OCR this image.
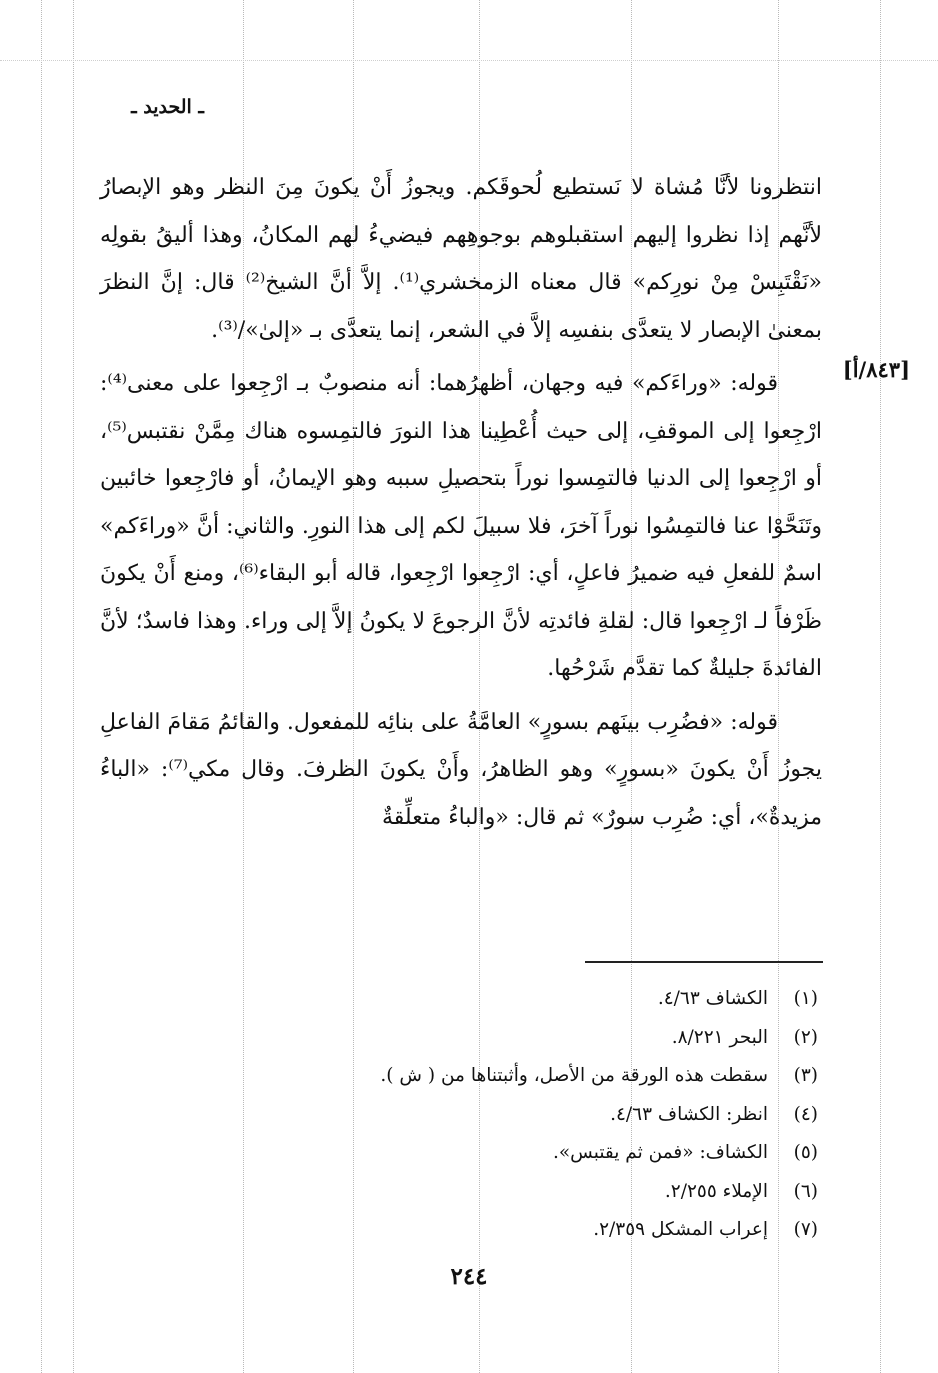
ـ الحديد ـ
[٨٤٣/أ]

انتظرونا لأنَّا مُشاة لا نَستطيع لُحوقَكم. ويجوزُ أَنْ يكونَ مِنَ النظر وهو الإبصارُ لأنَّهم إذا نظروا إليهم استقبلوهم بوجوهِهم فيضيءُ لهم المكانُ، وهذا أليقُ بقولِه «نَقْتَبِسْ مِنْ نورِكم» قال معناه الزمخشري⁽¹⁾. إلاَّ أنَّ الشيخ⁽²⁾ قال: إنَّ النظرَ بمعنىٰ الإبصار لا يتعدَّى بنفسِه إلاَّ في الشعر، إنما يتعدَّى بـ «إلىٰ»/⁽³⁾.

قوله: «وراءَكم» فيه وجهان، أظهرُهما: أنه منصوبٌ بـ ارْجِعوا على معنى⁽⁴⁾: ارْجِعوا إلى الموقفِ، إلى حيث أُعْطِينا هذا النورَ فالتمِسوه هناك مِمَّنْ نقتبس⁽⁵⁾، أو ارْجِعوا إلى الدنيا فالتمِسوا نوراً بتحصيلِ سببه وهو الإيمانُ، أو فارْجِعوا خائبين وتَنَحَّوْا عنا فالتمِسُوا نوراً آخرَ، فلا سبيلَ لكم إلى هذا النورِ. والثاني: أنَّ «وراءَكم» اسمٌ للفعلِ فيه ضميرُ فاعلٍ، أي: ارْجِعوا ارْجِعوا، قاله أبو البقاء⁽⁶⁾، ومنع أَنْ يكونَ ظَرْفاً لـ ارْجِعوا قال: لقلةِ فائدتِه لأنَّ الرجوعَ لا يكونُ إلاَّ إلى وراء. وهذا فاسدٌ؛ لأنَّ الفائدةَ جليلةٌ كما تقدَّم شَرْحُها.

قوله: «فضُرِب بينَهم بسورٍ» العامَّةُ على بنائِه للمفعول. والقائمُ مَقامَ الفاعلِ يجوزُ أَنْ يكونَ «بسورٍ» وهو الظاهرُ، وأَنْ يكونَ الظرفَ. وقال مكي⁽⁷⁾: «الباءُ مزيدةٌ»، أي: ضُرِب سورٌ» ثم قال: «والباءُ متعلِّقةٌ

(١)الكشاف ٤/٦٣.
(٢)البحر ٨/٢٢١.
(٣)سقطت هذه الورقة من الأصل، وأثبتناها من ( ش ).
(٤)انظر: الكشاف ٤/٦٣.
(٥)الكشاف: «فمن ثم يقتبس».
(٦)الإملاء ٢/٢٥٥.
(٧)إعراب المشكل ٢/٣٥٩.
٢٤٤
